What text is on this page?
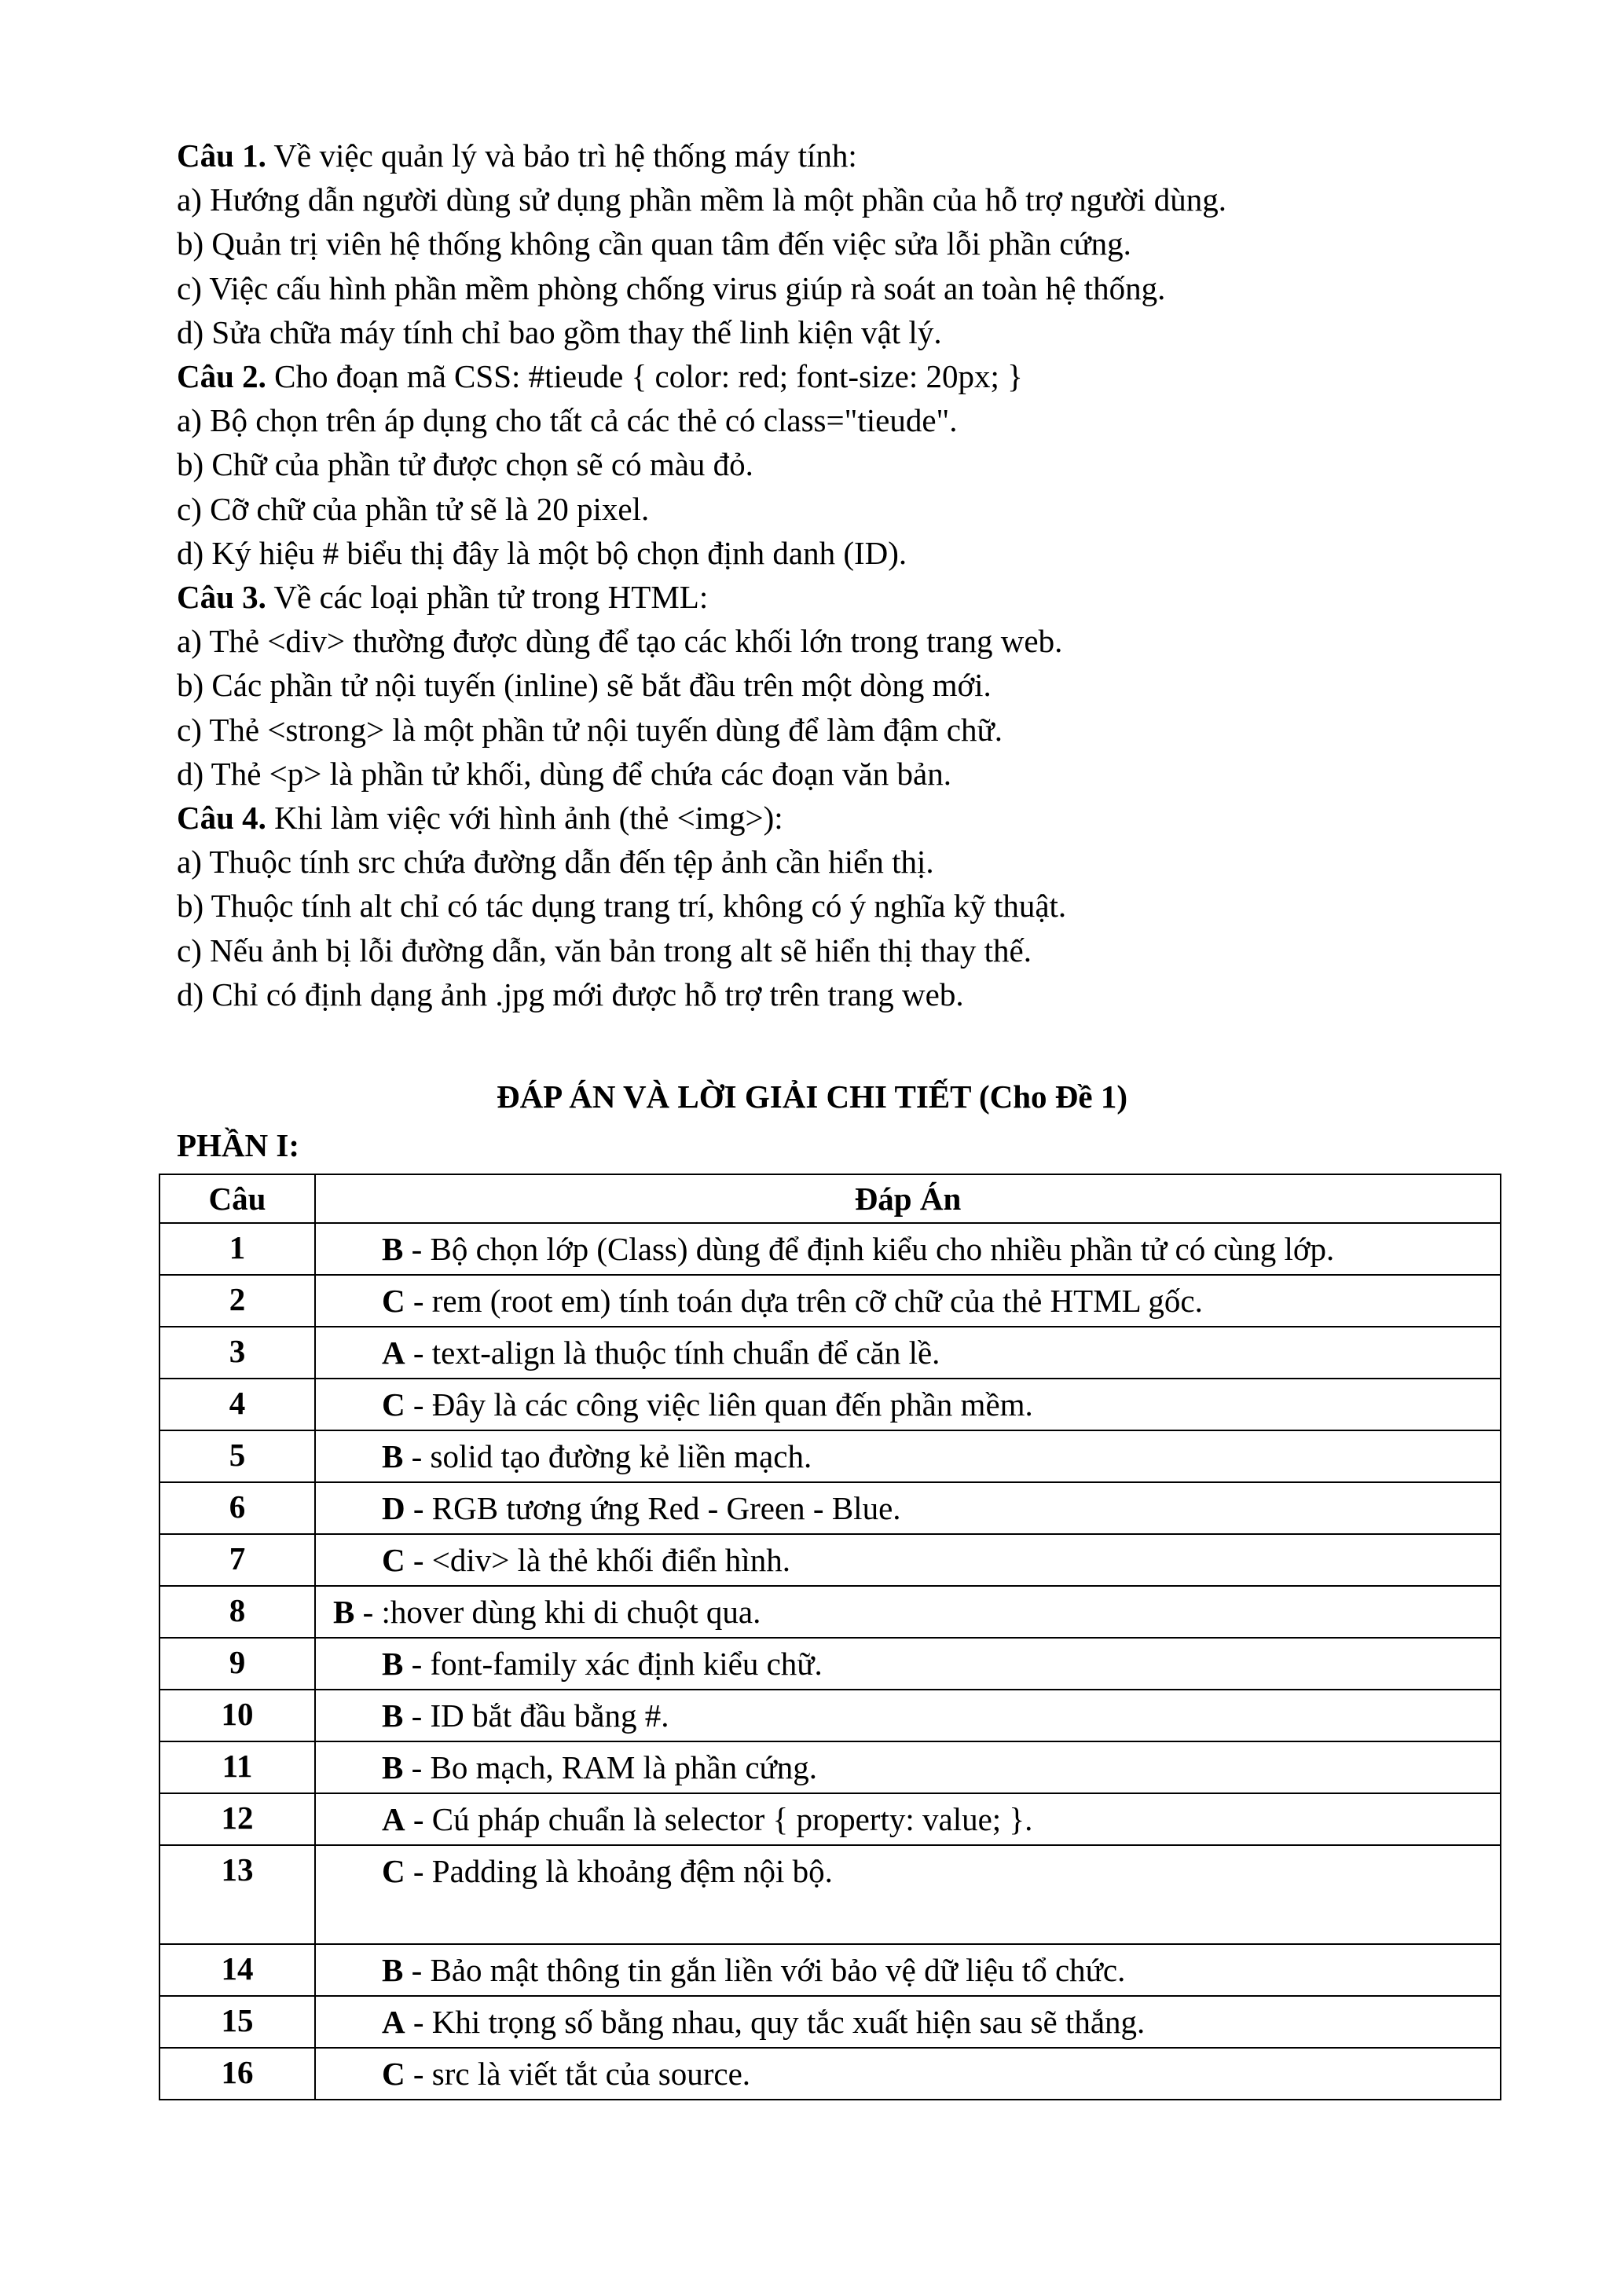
Câu 1. Về việc quản lý và bảo trì hệ thống máy tính:
a) Hướng dẫn người dùng sử dụng phần mềm là một phần của hỗ trợ người dùng.
b) Quản trị viên hệ thống không cần quan tâm đến việc sửa lỗi phần cứng.
c) Việc cấu hình phần mềm phòng chống virus giúp rà soát an toàn hệ thống.
d) Sửa chữa máy tính chỉ bao gồm thay thế linh kiện vật lý.
Câu 2. Cho đoạn mã CSS: #tieude { color: red; font-size: 20px; }
a) Bộ chọn trên áp dụng cho tất cả các thẻ có class="tieude".
b) Chữ của phần tử được chọn sẽ có màu đỏ.
c) Cỡ chữ của phần tử sẽ là 20 pixel.
d) Ký hiệu # biểu thị đây là một bộ chọn định danh (ID).
Câu 3. Về các loại phần tử trong HTML:
a) Thẻ <div> thường được dùng để tạo các khối lớn trong trang web.
b) Các phần tử nội tuyến (inline) sẽ bắt đầu trên một dòng mới.
c) Thẻ <strong> là một phần tử nội tuyến dùng để làm đậm chữ.
d) Thẻ <p> là phần tử khối, dùng để chứa các đoạn văn bản.
Câu 4. Khi làm việc với hình ảnh (thẻ <img>):
a) Thuộc tính src chứa đường dẫn đến tệp ảnh cần hiển thị.
b) Thuộc tính alt chỉ có tác dụng trang trí, không có ý nghĩa kỹ thuật.
c) Nếu ảnh bị lỗi đường dẫn, văn bản trong alt sẽ hiển thị thay thế.
d) Chỉ có định dạng ảnh .jpg mới được hỗ trợ trên trang web.
ĐÁP ÁN VÀ LỜI GIẢI CHI TIẾT (Cho Đề 1)
PHẦN I:
Câu	Đáp Án
1	B - Bộ chọn lớp (Class) dùng để định kiểu cho nhiều phần tử có cùng lớp.
2	C - rem (root em) tính toán dựa trên cỡ chữ của thẻ HTML gốc.
3	A - text-align là thuộc tính chuẩn để căn lề.
4	C - Đây là các công việc liên quan đến phần mềm.
5	B - solid tạo đường kẻ liền mạch.
6	D - RGB tương ứng Red - Green - Blue.
7	C - <div> là thẻ khối điển hình.
8	B - :hover dùng khi di chuột qua.
9	B - font-family xác định kiểu chữ.
10	B - ID bắt đầu bằng #.
11	B - Bo mạch, RAM là phần cứng.
12	A - Cú pháp chuẩn là selector { property: value; }.
13	C - Padding là khoảng đệm nội bộ.
14	B - Bảo mật thông tin gắn liền với bảo vệ dữ liệu tổ chức.
15	A - Khi trọng số bằng nhau, quy tắc xuất hiện sau sẽ thắng.
16	C - src là viết tắt của source.
